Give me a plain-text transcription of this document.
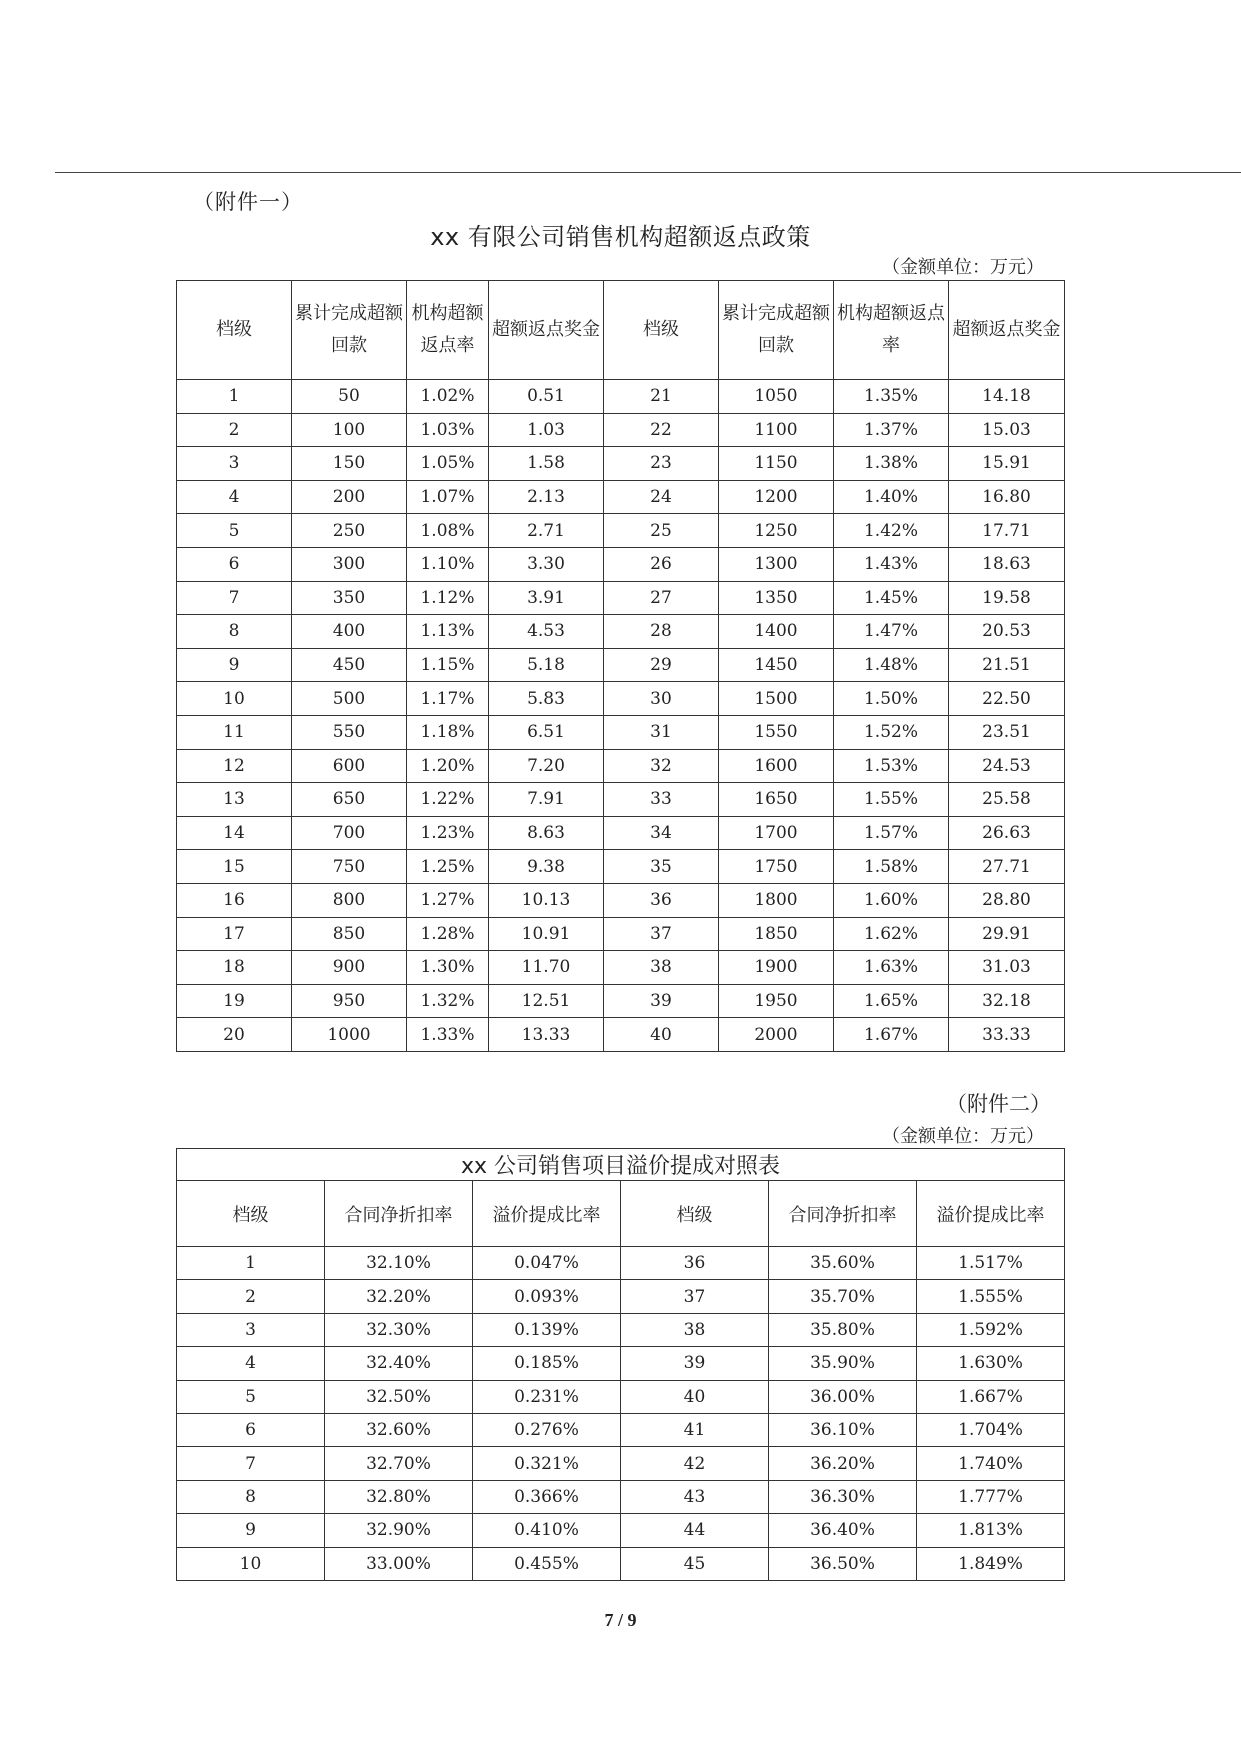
（附件一）
xx 有限公司销售机构超额返点政策
（金额单位：万元）
档级	累计完成超额回款	机构超额返点率	超额返点奖金	档级	累计完成超额回款	机构超额返点率	超额返点奖金
1	50	1.02%	0.51	21	1050	1.35%	14.18
2	100	1.03%	1.03	22	1100	1.37%	15.03
3	150	1.05%	1.58	23	1150	1.38%	15.91
4	200	1.07%	2.13	24	1200	1.40%	16.80
5	250	1.08%	2.71	25	1250	1.42%	17.71
6	300	1.10%	3.30	26	1300	1.43%	18.63
7	350	1.12%	3.91	27	1350	1.45%	19.58
8	400	1.13%	4.53	28	1400	1.47%	20.53
9	450	1.15%	5.18	29	1450	1.48%	21.51
10	500	1.17%	5.83	30	1500	1.50%	22.50
11	550	1.18%	6.51	31	1550	1.52%	23.51
12	600	1.20%	7.20	32	1600	1.53%	24.53
13	650	1.22%	7.91	33	1650	1.55%	25.58
14	700	1.23%	8.63	34	1700	1.57%	26.63
15	750	1.25%	9.38	35	1750	1.58%	27.71
16	800	1.27%	10.13	36	1800	1.60%	28.80
17	850	1.28%	10.91	37	1850	1.62%	29.91
18	900	1.30%	11.70	38	1900	1.63%	31.03
19	950	1.32%	12.51	39	1950	1.65%	32.18
20	1000	1.33%	13.33	40	2000	1.67%	33.33
（附件二）
（金额单位：万元）
xx 公司销售项目溢价提成对照表					
档级	合同净折扣率	溢价提成比率	档级	合同净折扣率	溢价提成比率
1	32.10%	0.047%	36	35.60%	1.517%
2	32.20%	0.093%	37	35.70%	1.555%
3	32.30%	0.139%	38	35.80%	1.592%
4	32.40%	0.185%	39	35.90%	1.630%
5	32.50%	0.231%	40	36.00%	1.667%
6	32.60%	0.276%	41	36.10%	1.704%
7	32.70%	0.321%	42	36.20%	1.740%
8	32.80%	0.366%	43	36.30%	1.777%
9	32.90%	0.410%	44	36.40%	1.813%
10	33.00%	0.455%	45	36.50%	1.849%
7 / 9
